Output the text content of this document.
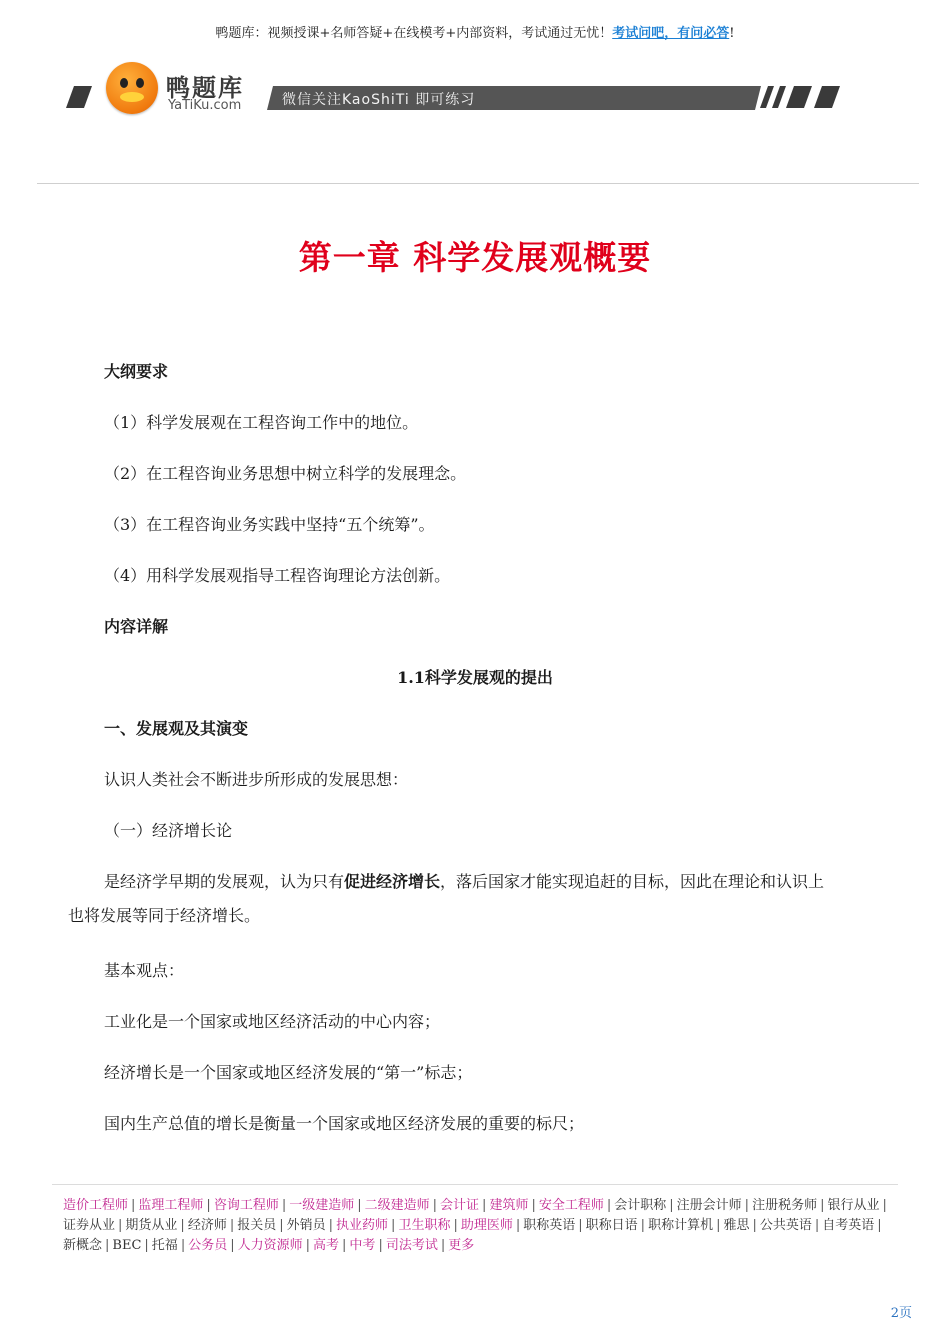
鸭题库：视频授课+名师答疑+在线模考+内部资料，考试通过无忧！考试问吧，有问必答!
鸭题库
YaTiKu.com	微信关注KaoShiTi 即可练习
第一章 科学发展观概要
大纲要求
（1）科学发展观在工程咨询工作中的地位。
（2）在工程咨询业务思想中树立科学的发展理念。
（3）在工程咨询业务实践中坚持“五个统筹”。
（4）用科学发展观指导工程咨询理论方法创新。
内容详解
1.1科学发展观的提出
一、发展观及其演变
认识人类社会不断进步所形成的发展思想：
（一）经济增长论
是经济学早期的发展观，认为只有促进经济增长，落后国家才能实现追赶的目标，因此在理论和认识上也将发展等同于经济增长。
基本观点：
工业化是一个国家或地区经济活动的中心内容；
经济增长是一个国家或地区经济发展的“第一”标志；
国内生产总值的增长是衡量一个国家或地区经济发展的重要的标尺；
造价工程师 | 监理工程师 | 咨询工程师 | 一级建造师 | 二级建造师 | 会计证 | 建筑师 | 安全工程师 | 会计职称 | 注册会计师 | 注册税务师 | 银行从业 |证券从业 | 期货从业 | 经济师 | 报关员 | 外销员 | 执业药师 | 卫生职称 | 助理医师 | 职称英语 | 职称日语 | 职称计算机 | 雅思 | 公共英语 | 自考英语 |新概念 | BEC | 托福 | 公务员 | 人力资源师 | 高考 | 中考 | 司法考试 | 更多
2页
